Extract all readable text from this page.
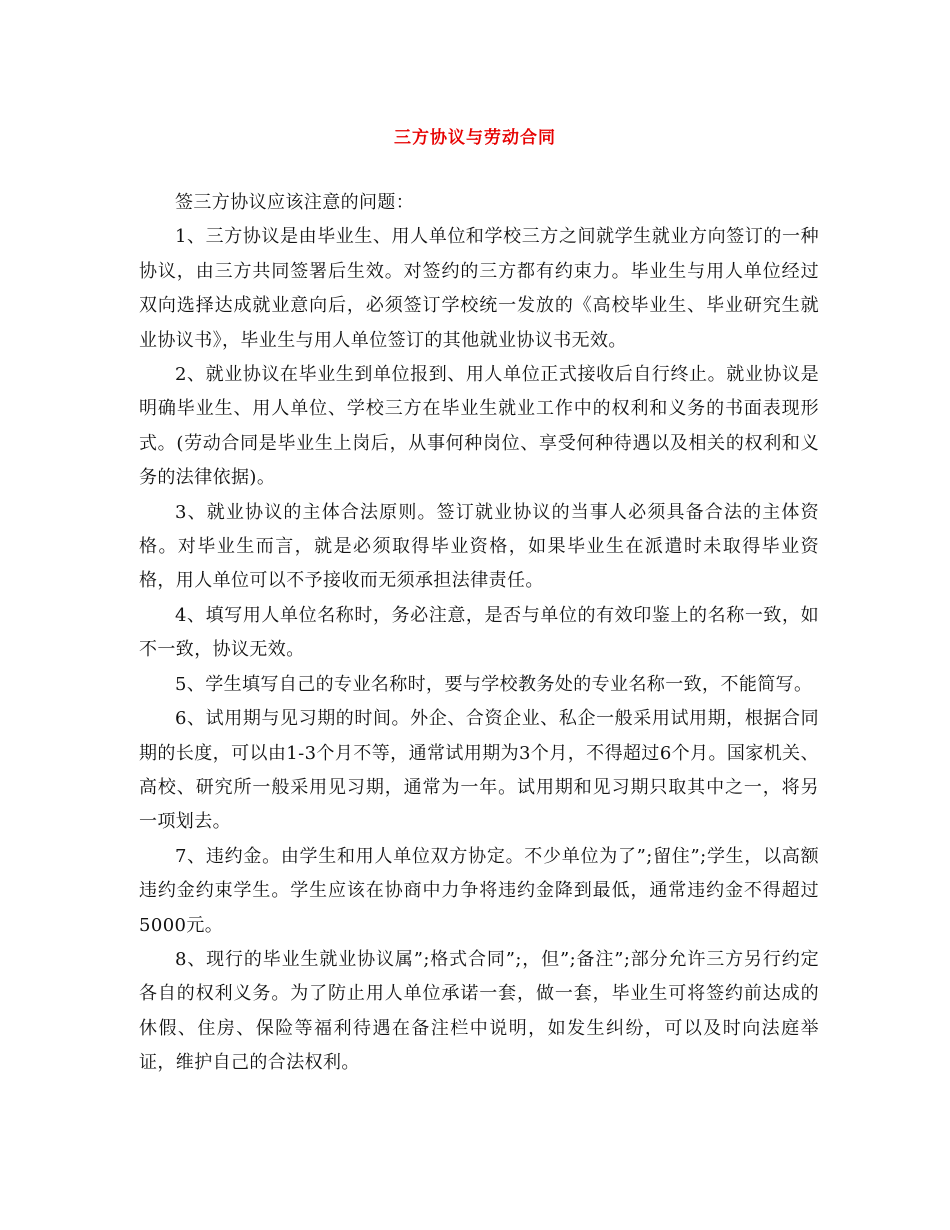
三方协议与劳动合同

签三方协议应该注意的问题：

1、三方协议是由毕业生、用人单位和学校三方之间就学生就业方向签订的一种协议，由三方共同签署后生效。对签约的三方都有约束力。毕业生与用人单位经过双向选择达成就业意向后，必须签订学校统一发放的《高校毕业生、毕业研究生就业协议书》，毕业生与用人单位签订的其他就业协议书无效。

2、就业协议在毕业生到单位报到、用人单位正式接收后自行终止。就业协议是明确毕业生、用人单位、学校三方在毕业生就业工作中的权利和义务的书面表现形式。(劳动合同是毕业生上岗后，从事何种岗位、享受何种待遇以及相关的权利和义务的法律依据)。

3、就业协议的主体合法原则。签订就业协议的当事人必须具备合法的主体资格。对毕业生而言，就是必须取得毕业资格，如果毕业生在派遣时未取得毕业资格，用人单位可以不予接收而无须承担法律责任。

4、填写用人单位名称时，务必注意，是否与单位的有效印鉴上的名称一致，如不一致，协议无效。

5、学生填写自己的专业名称时，要与学校教务处的专业名称一致，不能简写。

6、试用期与见习期的时间。外企、合资企业、私企一般采用试用期，根据合同期的长度，可以由1-3个月不等，通常试用期为3个月，不得超过6个月。国家机关、高校、研究所一般采用见习期，通常为一年。试用期和见习期只取其中之一，将另一项划去。

7、违约金。由学生和用人单位双方协定。不少单位为了”;留住”;学生，以高额违约金约束学生。学生应该在协商中力争将违约金降到最低，通常违约金不得超过5000元。

8、现行的毕业生就业协议属”;格式合同”;，但”;备注”;部分允许三方另行约定各自的权利义务。为了防止用人单位承诺一套，做一套，毕业生可将签约前达成的休假、住房、保险等福利待遇在备注栏中说明，如发生纠纷，可以及时向法庭举证，维护自己的合法权利。
